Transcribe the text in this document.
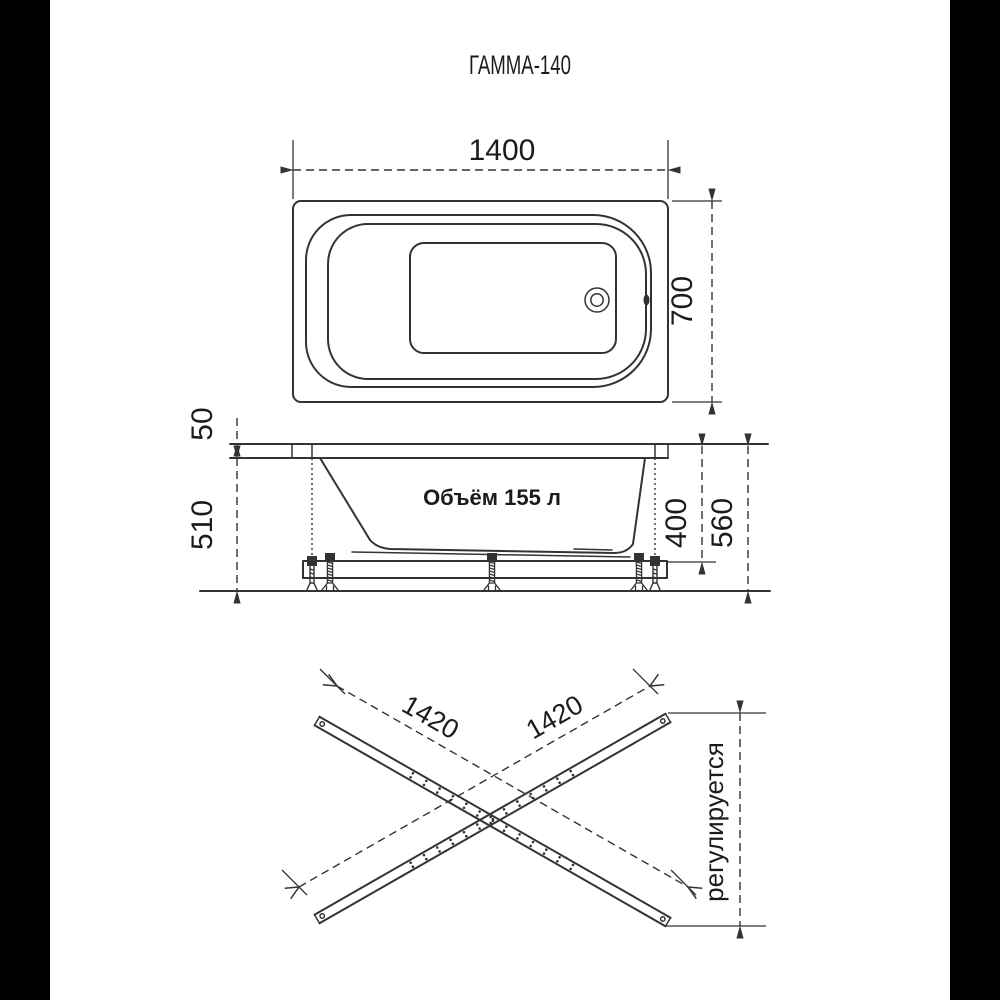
ГАММА-140
1400
700
Объём 155 л
50
510	400 560
1420 1420
регулируется
